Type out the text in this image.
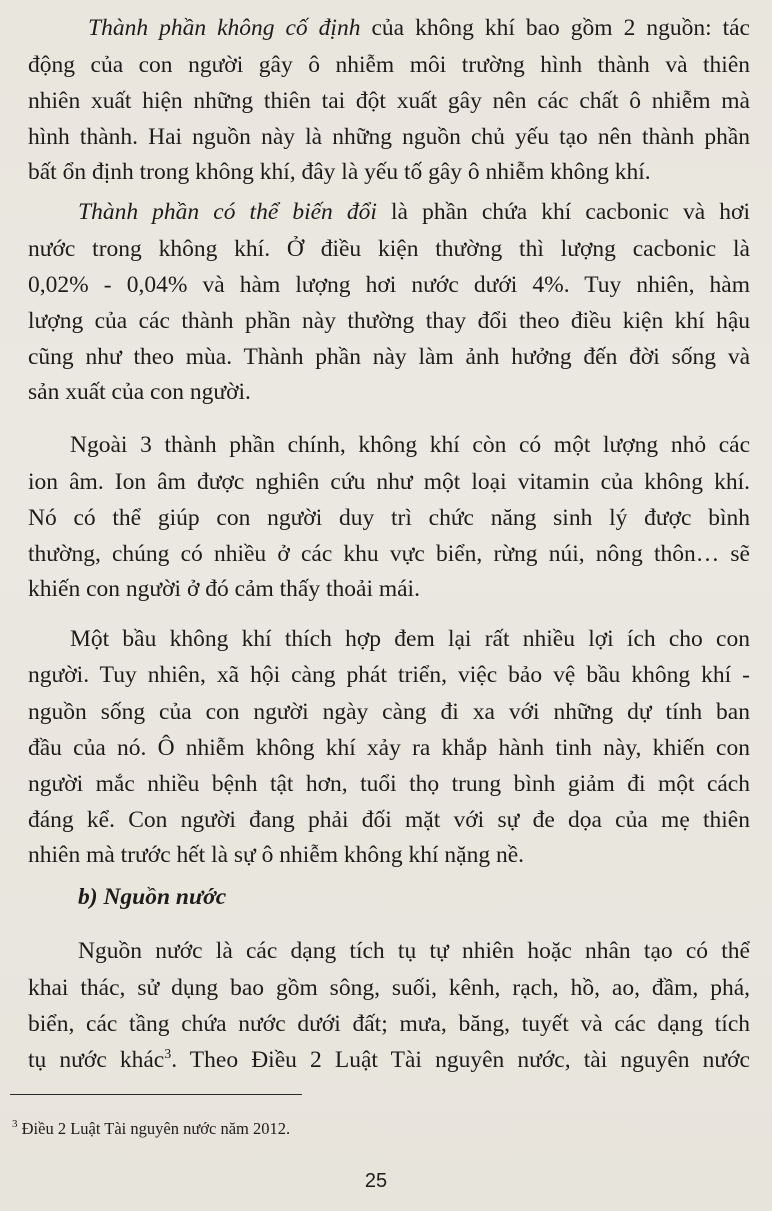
Thành phần không cố định của không khí bao gồm 2 nguồn: tác
động của con người gây ô nhiễm môi trường hình thành và thiên
nhiên xuất hiện những thiên tai đột xuất gây nên các chất ô nhiễm mà
hình thành. Hai nguồn này là những nguồn chủ yếu tạo nên thành phần
bất ổn định trong không khí, đây là yếu tố gây ô nhiễm không khí.
Thành phần có thể biến đổi là phần chứa khí cacbonic và hơi
nước trong không khí. Ở điều kiện thường thì lượng cacbonic là
0,02% - 0,04% và hàm lượng hơi nước dưới 4%. Tuy nhiên, hàm
lượng của các thành phần này thường thay đổi theo điều kiện khí hậu
cũng như theo mùa. Thành phần này làm ảnh hưởng đến đời sống và
sản xuất của con người.
Ngoài 3 thành phần chính, không khí còn có một lượng nhỏ các
ion âm. Ion âm được nghiên cứu như một loại vitamin của không khí.
Nó có thể giúp con người duy trì chức năng sinh lý được bình
thường, chúng có nhiều ở các khu vực biển, rừng núi, nông thôn… sẽ
khiến con người ở đó cảm thấy thoải mái.
Một bầu không khí thích hợp đem lại rất nhiều lợi ích cho con
người. Tuy nhiên, xã hội càng phát triển, việc bảo vệ bầu không khí -
nguồn sống của con người ngày càng đi xa với những dự tính ban
đầu của nó. Ô nhiễm không khí xảy ra khắp hành tinh này, khiến con
người mắc nhiều bệnh tật hơn, tuổi thọ trung bình giảm đi một cách
đáng kể. Con người đang phải đối mặt với sự đe dọa của mẹ thiên
nhiên mà trước hết là sự ô nhiễm không khí nặng nề.
b) Nguồn nước
Nguồn nước là các dạng tích tụ tự nhiên hoặc nhân tạo có thể
khai thác, sử dụng bao gồm sông, suối, kênh, rạch, hồ, ao, đầm, phá,
biển, các tầng chứa nước dưới đất; mưa, băng, tuyết và các dạng tích
tụ nước khác$^3$. Theo Điều 2 Luật Tài nguyên nước, tài nguyên nước
$^3$ Điều 2 Luật Tài nguyên nước năm 2012.
25
